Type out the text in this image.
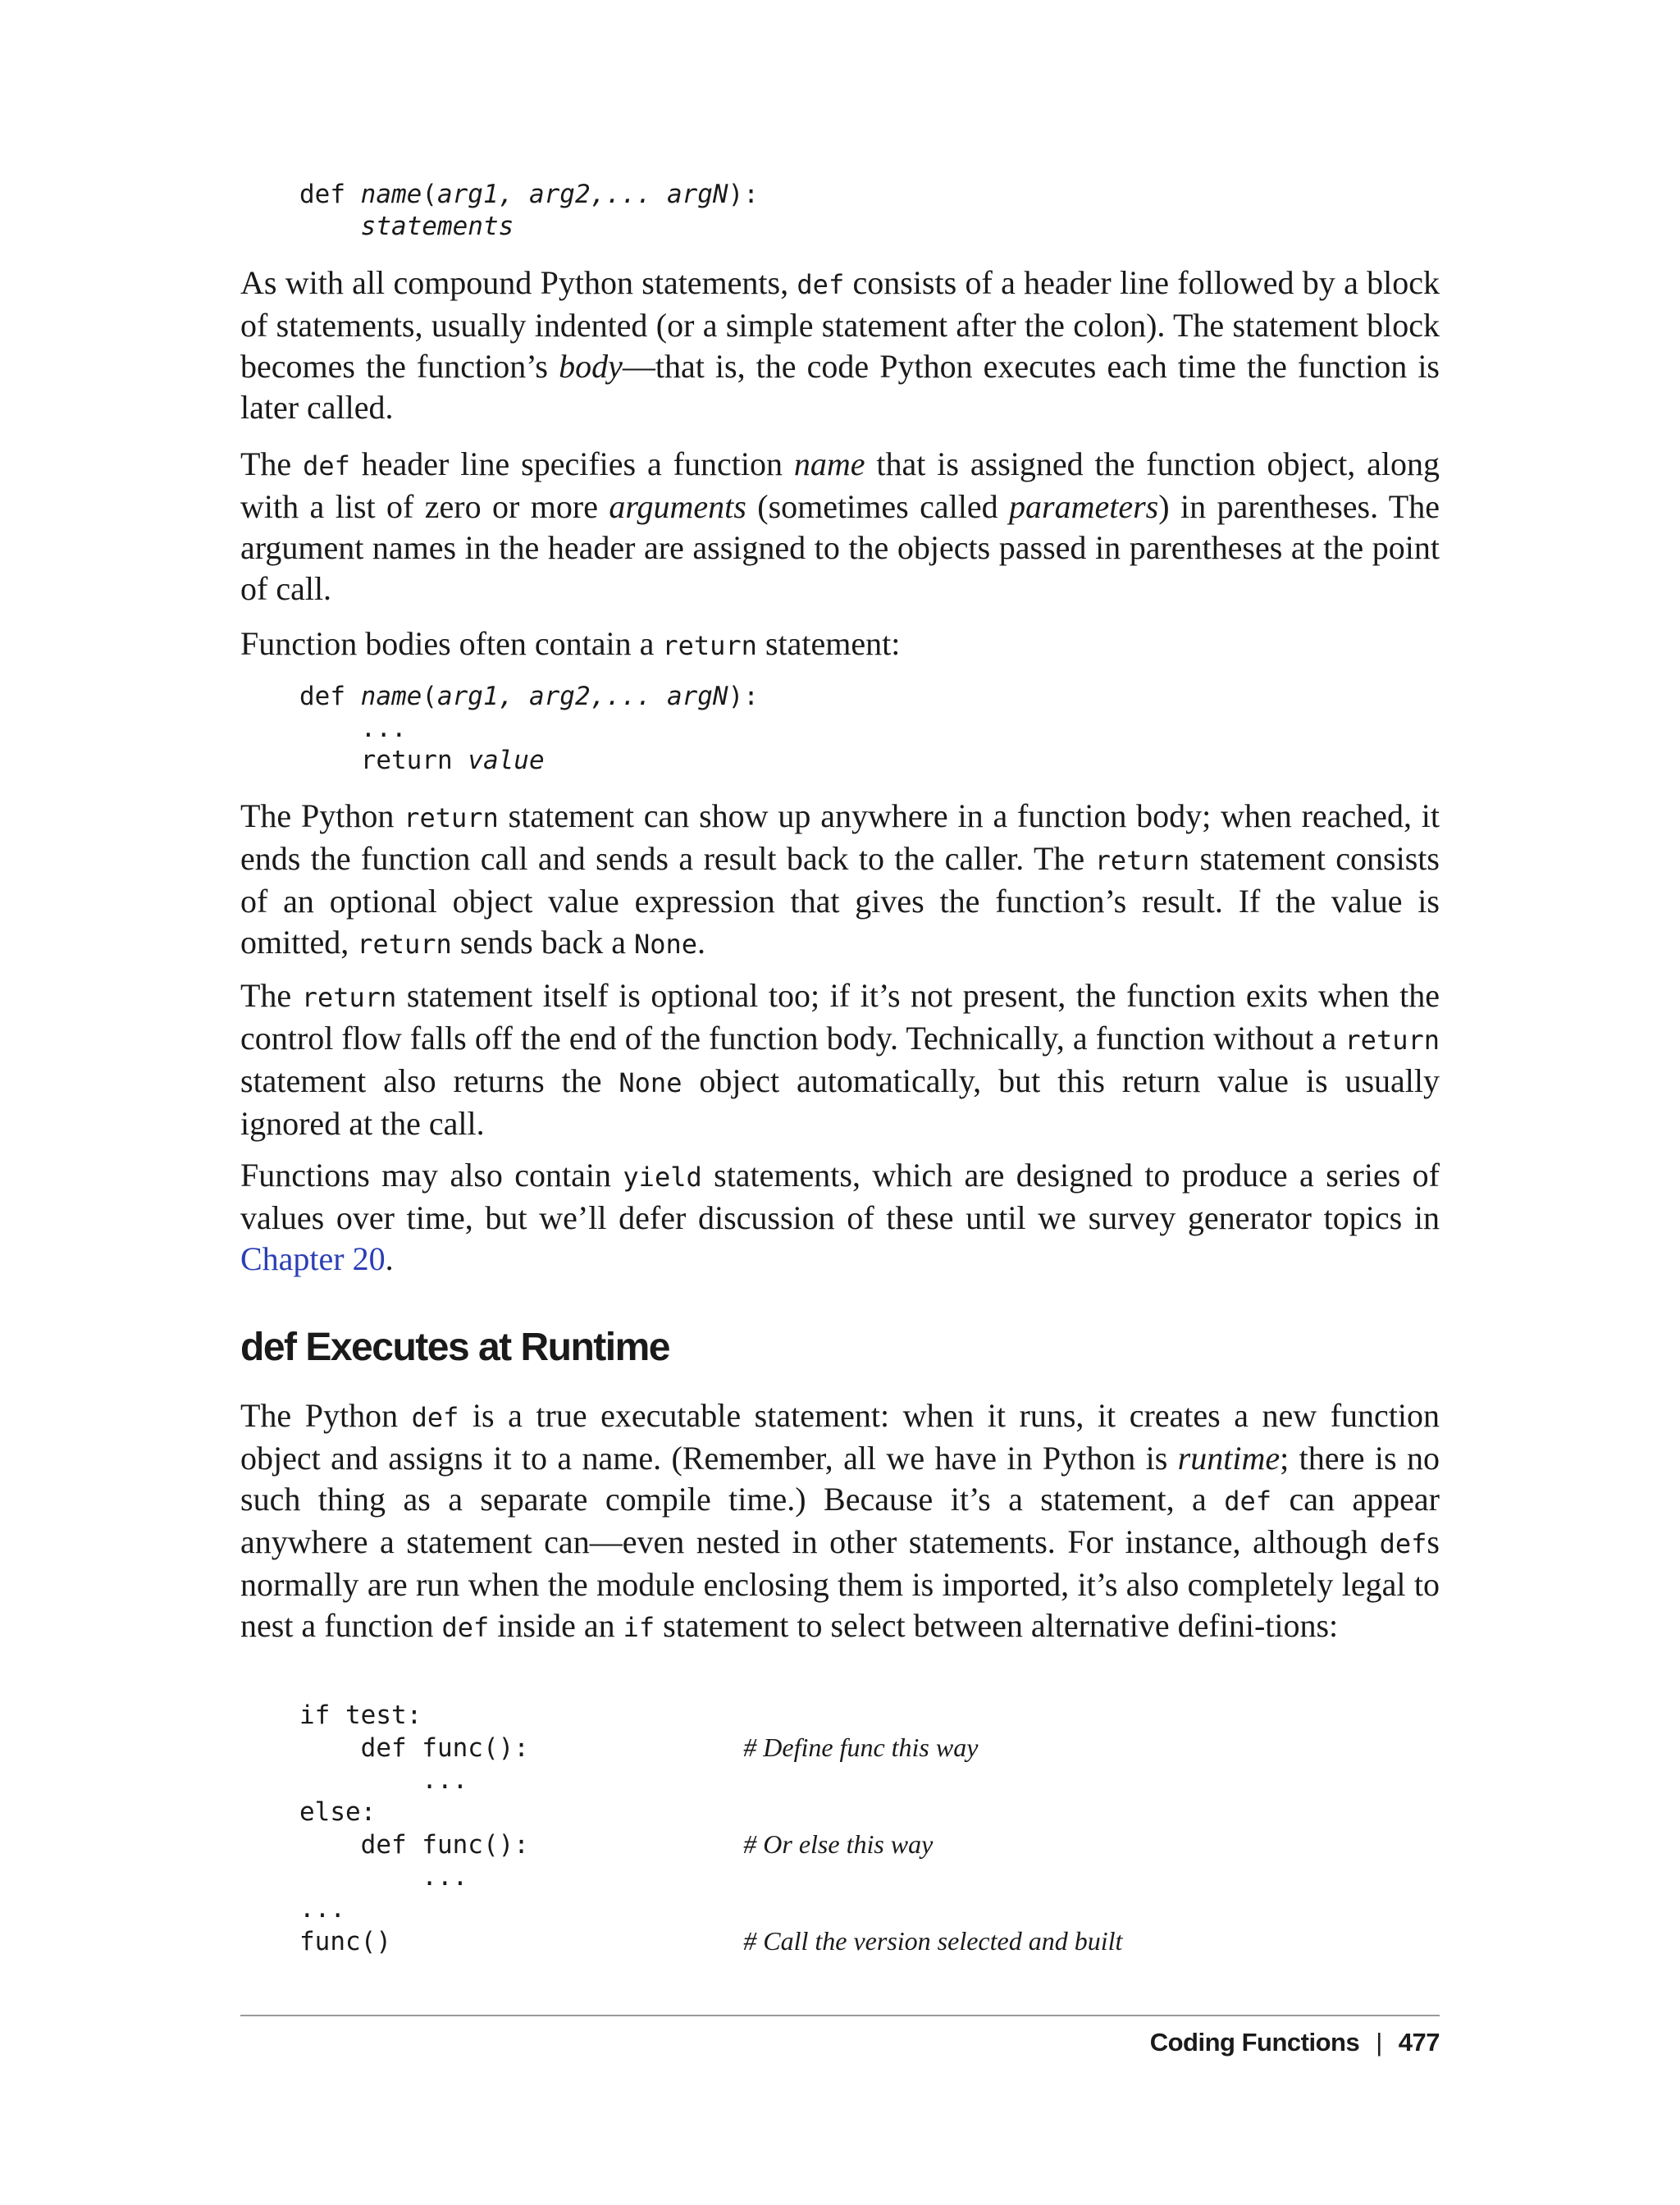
def name(arg1, arg2,... argN):
statements

As with all compound Python statements, def consists of a header line followed by a block of statements, usually indented (or a simple statement after the colon). The statement block becomes the function’s body—that is, the code Python executes each time the function is later called.

The def header line specifies a function name that is assigned the function object, along with a list of zero or more arguments (sometimes called parameters) in parentheses. The argument names in the header are assigned to the objects passed in parentheses at the point of call.

Function bodies often contain a return statement:

def name(arg1, arg2,... argN):
...
return value

The Python return statement can show up anywhere in a function body; when reached, it ends the function call and sends a result back to the caller. The return statement consists of an optional object value expression that gives the function’s result. If the value is omitted, return sends back a None.

The return statement itself is optional too; if it’s not present, the function exits when the control flow falls off the end of the function body. Technically, a function without a return statement also returns the None object automatically, but this return value is usually ignored at the call.

Functions may also contain yield statements, which are designed to produce a series of values over time, but we’ll defer discussion of these until we survey generator topics in Chapter 20.

def Executes at Runtime

The Python def is a true executable statement: when it runs, it creates a new function object and assigns it to a name. (Remember, all we have in Python is runtime; there is no such thing as a separate compile time.) Because it’s a statement, a def can appear anywhere a statement can—even nested in other statements. For instance, although defs normally are run when the module enclosing them is imported, it’s also completely legal to nest a function def inside an if statement to select between alternative defini-tions:

if test:
def func():              # Define func this way
...
else:
def func():              # Or else this way
...
...
func()                       # Call the version selected and built
Coding Functions | 477
